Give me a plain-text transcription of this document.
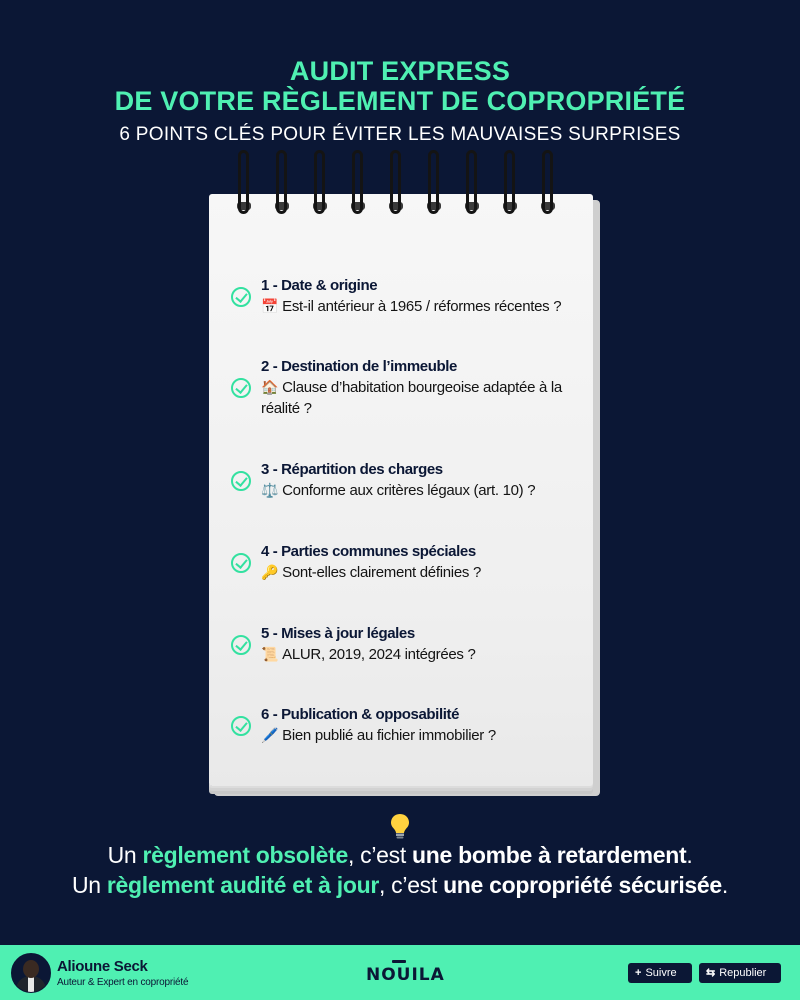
AUDIT EXPRESS
DE VOTRE RÈGLEMENT DE COPROPRIÉTÉ
6 POINTS CLÉS POUR ÉVITER LES MAUVAISES SURPRISES
1 - Date & origine
📅 Est-il antérieur à 1965 / réformes récentes ?
2 - Destination de l’immeuble
🏠 Clause d’habitation bourgeoise adaptée à la réalité ?
3 - Répartition des charges
⚖️ Conforme aux critères légaux (art. 10) ?
4 - Parties communes spéciales
🔑 Sont-elles clairement définies ?
5 - Mises à jour légales
📜 ALUR, 2019, 2024 intégrées ?
6 - Publication & opposabilité
🖊️ Bien publié au fichier immobilier ?
Un règlement obsolète, c’est une bombe à retardement.
Un règlement audité et à jour, c’est une copropriété sécurisée.
Alioune Seck
Auteur & Expert en copropriété	NOUILA	+ Suivre	⇆ Republier
